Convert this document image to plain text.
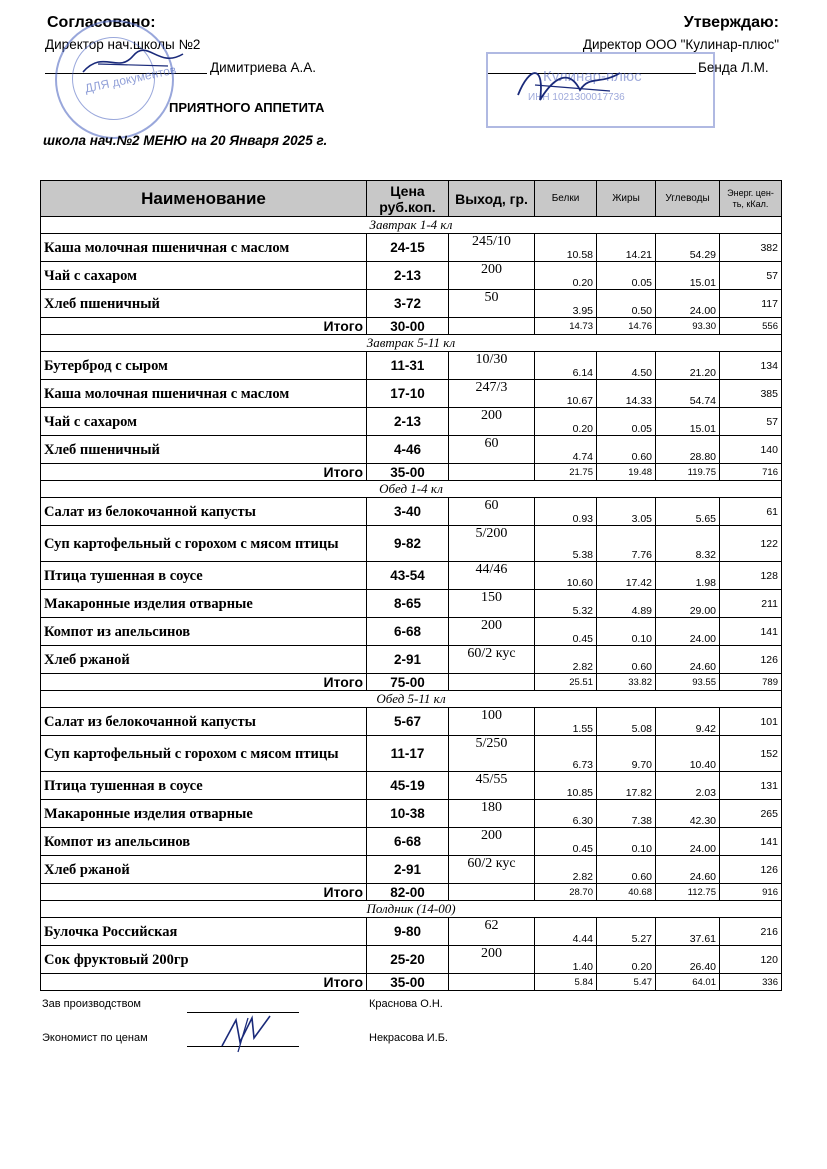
Согласовано:
Директор нач.школы №2
Димитриева А.А.
ДЛЯ документов
Утверждаю:
Директор ООО "Кулинар-плюс"
Бенда Л.М.
Кулинар-плюс
ИНН 1021300017736
ПРИЯТНОГО АППЕТИТА
школа нач.№2 МЕНЮ на 20 Января 2025 г.
Наименование	Цена руб.коп.	Выход, гр.	Белки	Жиры	Углеводы	Энерг. цен-ть, кКал.
Завтрак 1-4 кл						
Каша молочная пшеничная с маслом	24-15	245/10	10.58	14.21	54.29	382
Чай с сахаром	2-13	200	0.20	0.05	15.01	57
Хлеб пшеничный	3-72	50	3.95	0.50	24.00	117
Итого	30-00		14.73	14.76	93.30	556
Завтрак 5-11 кл						
Бутерброд с сыром	11-31	10/30	6.14	4.50	21.20	134
Каша молочная пшеничная с маслом	17-10	247/3	10.67	14.33	54.74	385
Чай с сахаром	2-13	200	0.20	0.05	15.01	57
Хлеб пшеничный	4-46	60	4.74	0.60	28.80	140
Итого	35-00		21.75	19.48	119.75	716
Обед 1-4 кл						
Салат из белокочанной капусты	3-40	60	0.93	3.05	5.65	61
Суп картофельный с горохом с мясом птицы	9-82	5/200	5.38	7.76	8.32	122
Птица тушенная в соусе	43-54	44/46	10.60	17.42	1.98	128
Макаронные изделия отварные	8-65	150	5.32	4.89	29.00	211
Компот из апельсинов	6-68	200	0.45	0.10	24.00	141
Хлеб ржаной	2-91	60/2 кус	2.82	0.60	24.60	126
Итого	75-00		25.51	33.82	93.55	789
Обед 5-11 кл						
Салат из белокочанной капусты	5-67	100	1.55	5.08	9.42	101
Суп картофельный с горохом с мясом птицы	11-17	5/250	6.73	9.70	10.40	152
Птица тушенная в соусе	45-19	45/55	10.85	17.82	2.03	131
Макаронные изделия отварные	10-38	180	6.30	7.38	42.30	265
Компот из апельсинов	6-68	200	0.45	0.10	24.00	141
Хлеб ржаной	2-91	60/2 кус	2.82	0.60	24.60	126
Итого	82-00		28.70	40.68	112.75	916
Полдник (14-00)						
Булочка Российская	9-80	62	4.44	5.27	37.61	216
Сок фруктовый 200гр	25-20	200	1.40	0.20	26.40	120
Итого	35-00		5.84	5.47	64.01	336
Зав производством	Краснова О.Н.
Экономист по ценам	Некрасова И.Б.
